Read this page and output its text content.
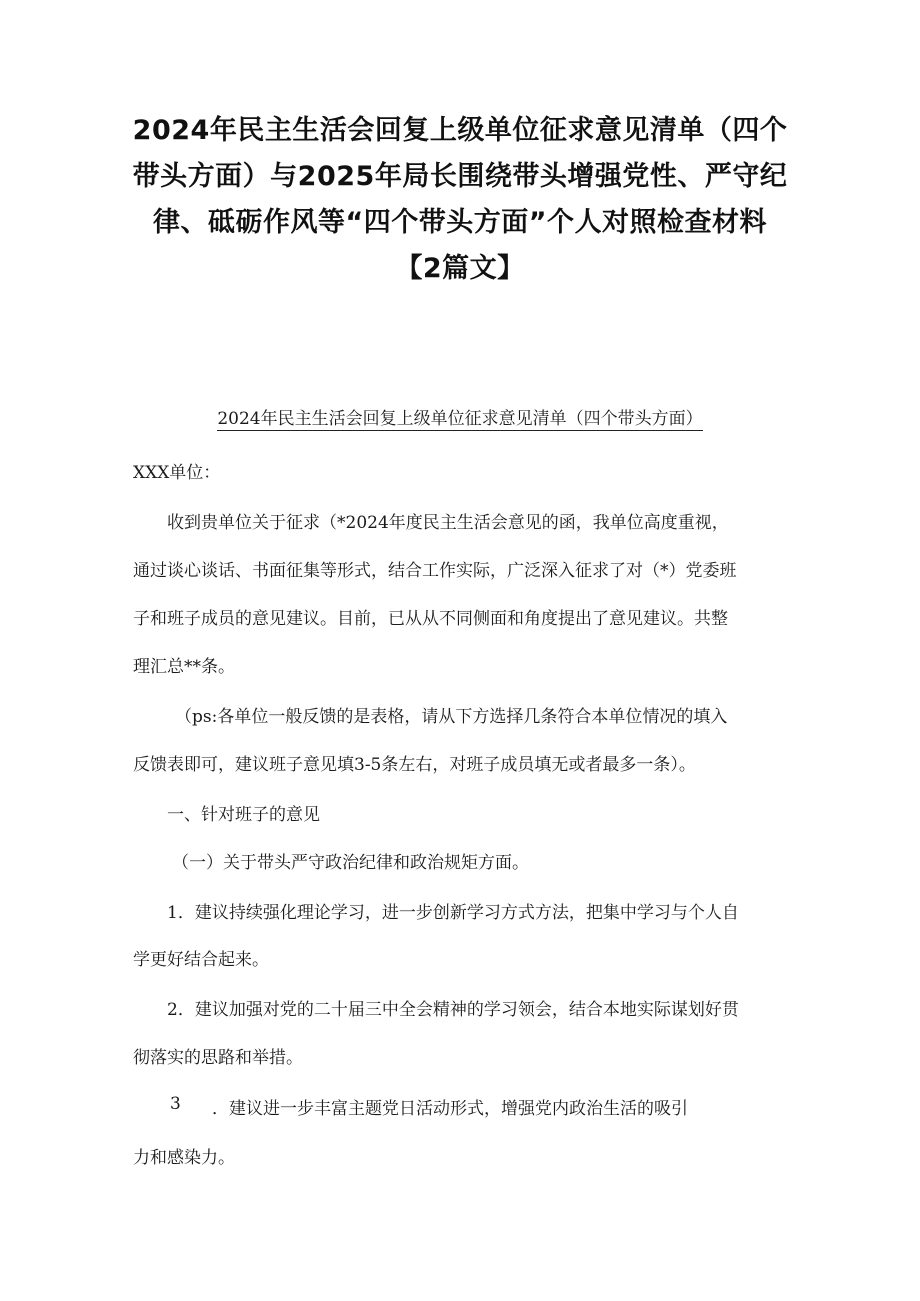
2024年民主生活会回复上级单位征求意见清单（四个
带头方面）与2025年局长围绕带头增强党性、严守纪
律、砥砺作风等“四个带头方面”个人对照检查材料
【2篇文】
2024年民主生活会回复上级单位征求意见清单（四个带头方面）
XXX单位：
收到贵单位关于征求（*2024年度民主生活会意见的函，我单位高度重视，
通过谈心谈话、书面征集等形式，结合工作实际，广泛深入征求了对（*）党委班
子和班子成员的意见建议。目前，已从从不同侧面和角度提出了意见建议。共整
理汇总**条。
（ps:各单位一般反馈的是表格，请从下方选择几条符合本单位情况的填入
反馈表即可，建议班子意见填3-5条左右，对班子成员填无或者最多一条）。
一、针对班子的意见
（一）关于带头严守政治纪律和政治规矩方面。
1．建议持续强化理论学习，进一步创新学习方式方法，把集中学习与个人自
学更好结合起来。
2．建议加强对党的二十届三中全会精神的学习领会，结合本地实际谋划好贯
彻落实的思路和举措。
3 ．建议进一步丰富主题党日活动形式，增强党内政治生活的吸引
力和感染力。
